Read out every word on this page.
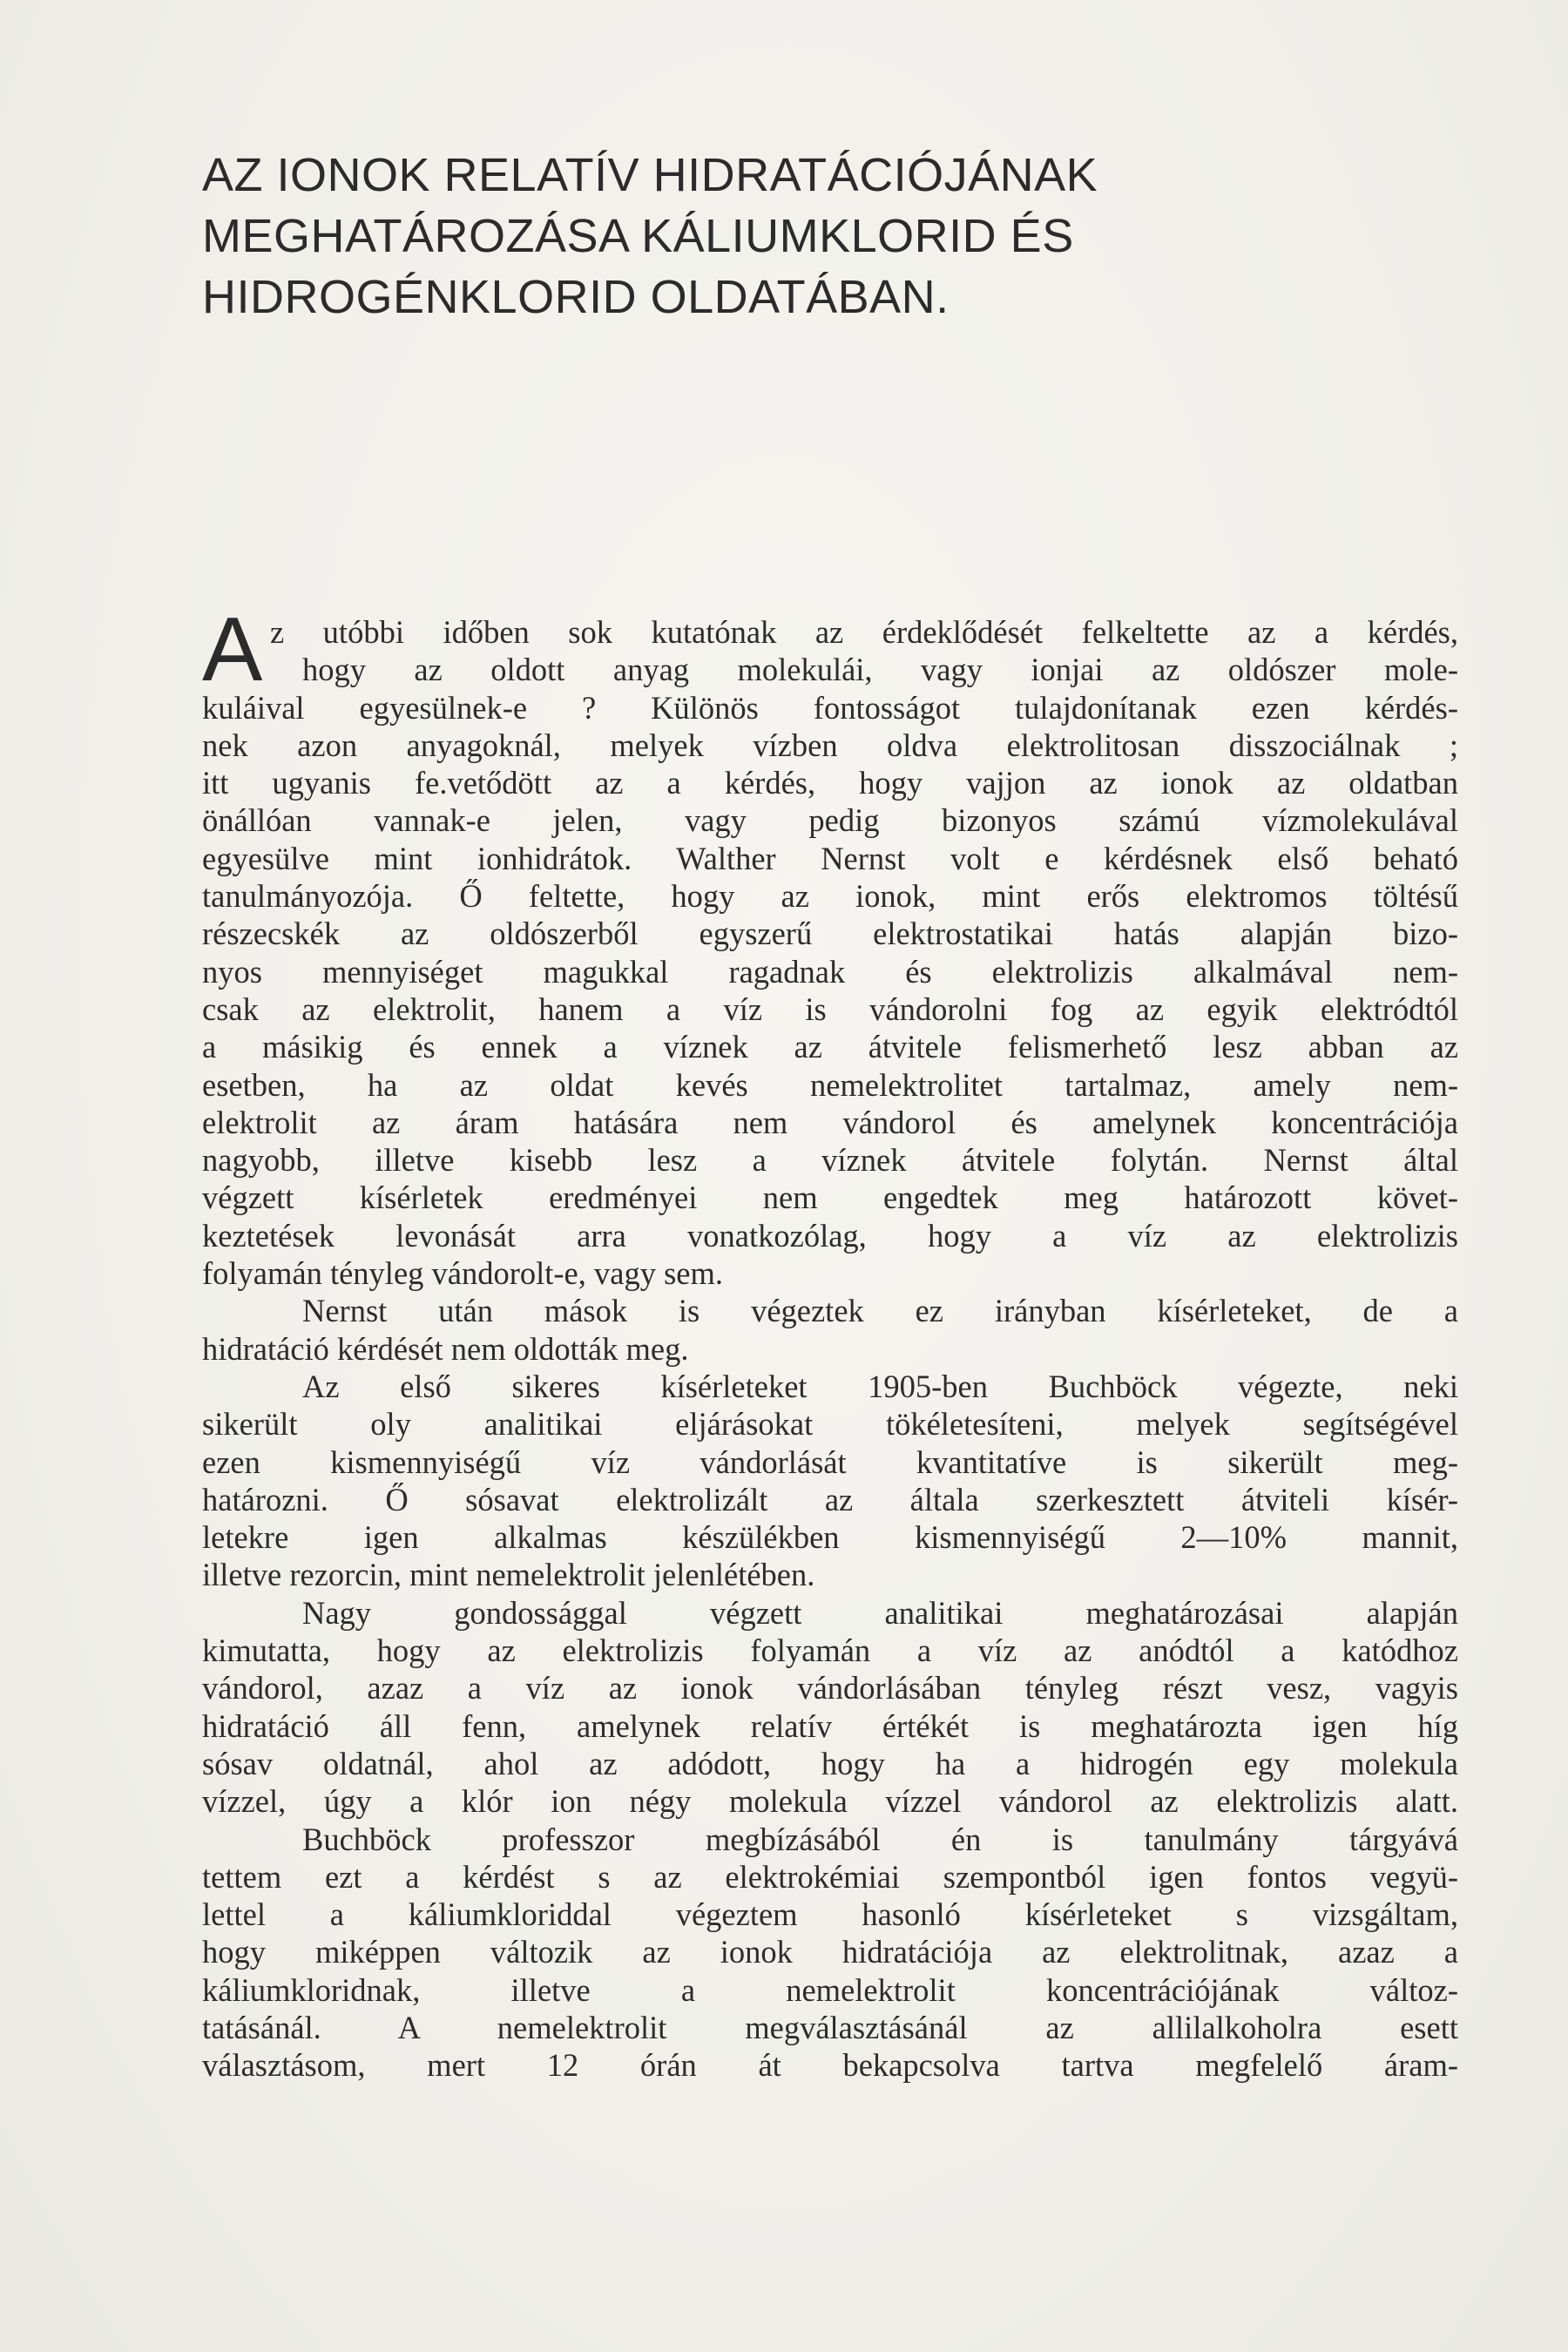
AZ IONOK RELATÍV HIDRATÁCIÓJÁNAK
MEGHATÁROZÁSA KÁLIUMKLORID ÉS
HIDROGÉNKLORID OLDATÁBAN.
A z utóbbi időben sok kutatónak az érdeklődését felkeltette az a kérdés,
hogy az oldott anyag molekulái, vagy ionjai az oldószer mole-
kuláival egyesülnek-e ? Különös fontosságot tulajdonítanak ezen kérdés-
nek azon anyagoknál, melyek vízben oldva elektrolitosan disszociálnak ;
itt ugyanis fe.vetődött az a kérdés, hogy vajjon az ionok az oldatban
önállóan vannak-e jelen, vagy pedig bizonyos számú vízmolekulával
egyesülve mint ionhidrátok. Walther Nernst volt e kérdésnek első beható
tanulmányozója. Ő feltette, hogy az ionok, mint erős elektromos töltésű
részecskék az oldószerből egyszerű elektrostatikai hatás alapján bizo-
nyos mennyiséget magukkal ragadnak és elektrolizis alkalmával nem-
csak az elektrolit, hanem a víz is vándorolni fog az egyik elektródtól
a másikig és ennek a víznek az átvitele felismerhető lesz abban az
esetben, ha az oldat kevés nemelektrolitet tartalmaz, amely nem-
elektrolit az áram hatására nem vándorol és amelynek koncentrációja
nagyobb, illetve kisebb lesz a víznek átvitele folytán. Nernst által
végzett kísérletek eredményei nem engedtek meg határozott követ-
keztetések levonását arra vonatkozólag, hogy a víz az elektrolizis
folyamán tényleg vándorolt-e, vagy sem.
Nernst után mások is végeztek ez irányban kísérleteket, de a
hidratáció kérdését nem oldották meg.
Az első sikeres kísérleteket 1905-ben Buchböck végezte, neki
sikerült oly analitikai eljárásokat tökéletesíteni, melyek segítségével
ezen kismennyiségű víz vándorlását kvantitatíve is sikerült meg-
határozni. Ő sósavat elektrolizált az általa szerkesztett átviteli kísér-
letekre igen alkalmas készülékben kismennyiségű 2—10% mannit,
illetve rezorcin, mint nemelektrolit jelenlétében.
Nagy gondossággal végzett analitikai meghatározásai alapján
kimutatta, hogy az elektrolizis folyamán a víz az anódtól a katódhoz
vándorol, azaz a víz az ionok vándorlásában tényleg részt vesz, vagyis
hidratáció áll fenn, amelynek relatív értékét is meghatározta igen híg
sósav oldatnál, ahol az adódott, hogy ha a hidrogén egy molekula
vízzel, úgy a klór ion négy molekula vízzel vándorol az elektrolizis alatt.
Buchböck professzor megbízásából én is tanulmány tárgyává
tettem ezt a kérdést s az elektrokémiai szempontból igen fontos vegyü-
lettel a káliumkloriddal végeztem hasonló kísérleteket s vizsgáltam,
hogy miképpen változik az ionok hidratációja az elektrolitnak, azaz a
káliumkloridnak, illetve a nemelektrolit koncentrációjának változ-
tatásánál. A nemelektrolit megválasztásánál az allilalkoholra esett
választásom, mert 12 órán át bekapcsolva tartva megfelelő áram-
